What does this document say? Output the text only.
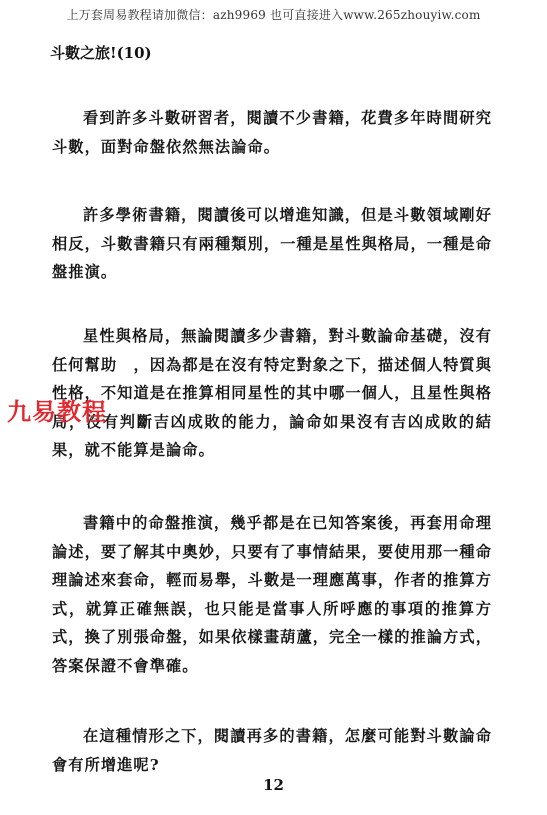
上万套周易教程请加微信：azh9969 也可直接进入www.265zhouyiw.com
斗數之旅!(10)

看到許多斗數研習者，閱讀不少書籍，花費多年時間研究斗數，面對命盤依然無法論命。

許多學術書籍，閱讀後可以增進知識，但是斗數領域剛好相反，斗數書籍只有兩種類別，一種是星性與格局，一種是命盤推演。

星性與格局，無論閱讀多少書籍，對斗數論命基礎，沒有任何幫助　，因為都是在沒有特定對象之下，描述個人特質與性格，不知道是在推算相同星性的其中哪一個人，且星性與格局，沒有判斷吉凶成敗的能力，論命如果沒有吉凶成敗的結果，就不能算是論命。

書籍中的命盤推演，幾乎都是在已知答案後，再套用命理論述，要了解其中奧妙，只要有了事情結果，要使用那一種命理論述來套命，輕而易舉，斗數是一理應萬事，作者的推算方式，就算正確無誤，也只能是當事人所呼應的事項的推算方式，換了別張命盤，如果依樣畫葫蘆，完全一樣的推論方式，答案保證不會準確。

在這種情形之下，閱讀再多的書籍，怎麼可能對斗數論命會有所增進呢?

九易教程
12
